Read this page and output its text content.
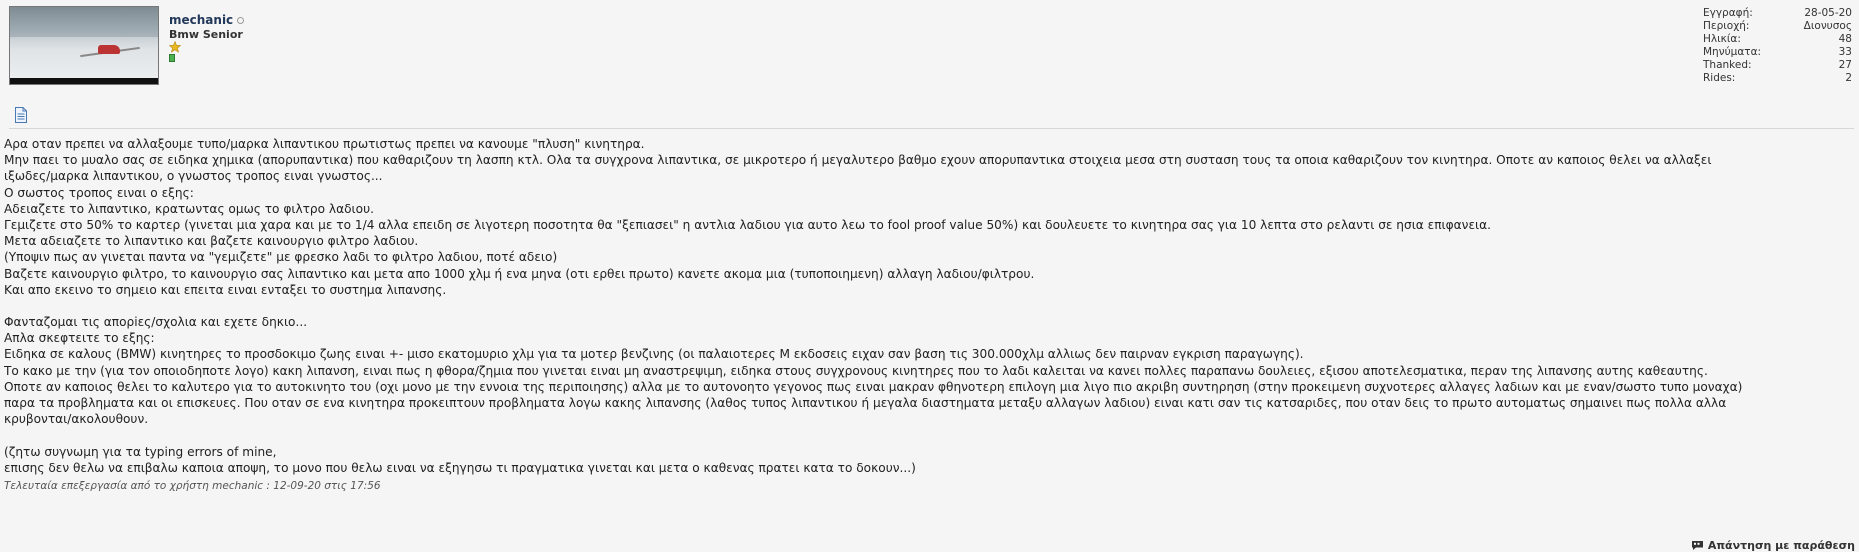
mechanic
Bmw Senior
Εγγραφή:	28-05-20
Περιοχή:	Διονυσος
Ηλικία:	48
Μηνύματα:	33
Thanked:	27
Rides:	2
Αρα οταν πρεπει να αλλαξουμε τυπο/μαρκα λιπαντικου πρωτιστως πρεπει να κανουμε "πλυση" κινητηρα.
Μην παει το μυαλο σας σε ειδηκα χημικα (απορυπαντικα) που καθαριζουν τη λασπη κτλ. Ολα τα συγχρονα λιπαντικα, σε μικροτερο ή μεγαλυτερο βαθμο εχουν απορυπαντικα στοιχεια μεσα στη συσταση τους τα οποια καθαριζουν τον κινητηρα. Οποτε αν καποιος θελει να αλλαξει
ιξωδες/μαρκα λιπαντικου, ο γνωστος τροπος ειναι γνωστος...
Ο σωστος τροπος ειναι ο εξης:
Αδειαζετε το λιπαντικο, κρατωντας ομως το φιλτρο λαδιου.
Γεμιζετε στο 50% το καρτερ (γινεται μια χαρα και με το 1/4 αλλα επειδη σε λιγοτερη ποσοτητα θα "ξεπιασει" η αντλια λαδιου για αυτο λεω το fool proof value 50%) και δουλευετε το κινητηρα σας για 10 λεπτα στο ρελαντι σε ησια επιφανεια.
Μετα αδειαζετε το λιπαντικο και βαζετε καινουργιο φιλτρο λαδιου.
(Υποψιν πως αν γινεται παντα να "γεμιζετε" με φρεσκο λαδι το φιλτρο λαδιου, ποτέ αδειο)
Βαζετε καινουργιο φιλτρο, το καινουργιο σας λιπαντικο και μετα απο 1000 χλμ ή ενα μηνα (οτι ερθει πρωτο) κανετε ακομα μια (τυποποιημενη) αλλαγη λαδιου/φιλτρου.
Και απο εκεινο το σημειο και επειτα ειναι ενταξει το συστημα λιπανσης.
Φανταζομαι τις απορiες/σχολια και εχετε δηκιο...
Απλα σκεφτειτε το εξης:
Ειδηκα σε καλους (BMW) κινητηρες το προσδοκιμο ζωης ειναι +- μισο εκατομυριο χλμ για τα μοτερ βενζινης (οι παλαιοτερες Μ εκδοσεις ειχαν σαν βαση τις 300.000χλμ αλλιως δεν παιρναν εγκριση παραγωγης).
Το κακο με την (για τον οποιοδηποτε λογο) κακη λιπανση, ειναι πως η φθορα/ζημια που γινεται ειναι μη αναστρεψιμη, ειδηκα στους συγχρονους κινητηρες που το λαδι καλειται να κανει πολλες παραπανω δουλειες, εξισου αποτελεσματικα, περαν της λιπανσης αυτης καθεαυτης.
Οποτε αν καποιος θελει το καλυτερο για το αυτοκινητο του (οχι μονο με την εννοια της περιποιησης) αλλα με το αυτονοητο γεγονος πως ειναι μακραν φθηνοτερη επιλογη μια λιγο πιο ακριβη συντηρηση (στην προκειμενη συχνοτερες αλλαγες λαδιων και με εναν/σωστο τυπο μοναχα)
παρα τα προβληματα και οι επισκευες. Που οταν σε ενα κινητηρα προκειπτουν προβληματα λογω κακης λιπανσης (λαθος τυπος λιπαντικου ή μεγαλα διαστηματα μεταξυ αλλαγων λαδιου) ειναι κατι σαν τις κατσαριδες, που οταν δεις το πρωτο αυτοματως σημαινει πως πολλα αλλα
κρυβονται/ακολουθουν.
(ζητω συγνωμη για τα typing errors of mine,
επισης δεν θελω να επιβαλω καποια αποψη, το μονο που θελω ειναι να εξηγησω τι πραγματικα γινεται και μετα ο καθενας πρατει κατα το δοκουν...)
Τελευταία επεξεργασία από το χρήστη mechanic : 12-09-20 στις 17:56
Απάντηση με παράθεση
